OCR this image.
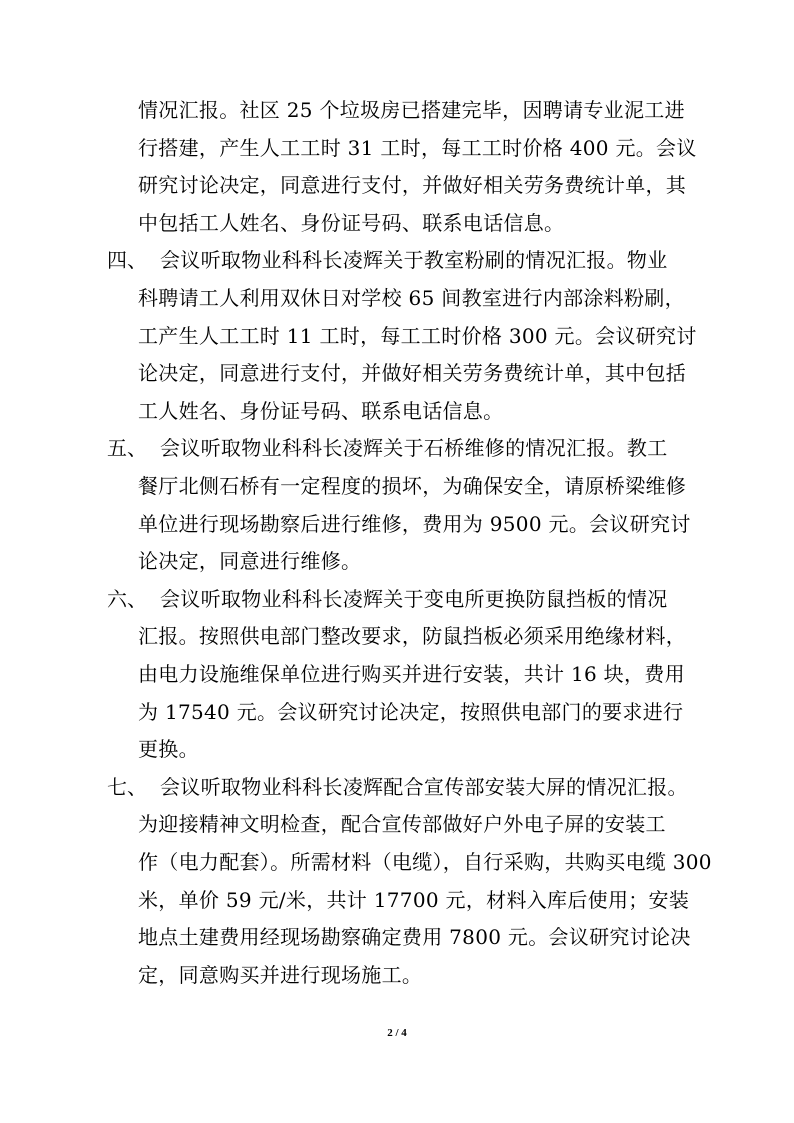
情况汇报。社区 25 个垃圾房已搭建完毕，因聘请专业泥工进
行搭建，产生人工工时 31 工时，每工工时价格 400 元。会议
研究讨论决定，同意进行支付，并做好相关劳务费统计单，其
中包括工人姓名、身份证号码、联系电话信息。
四、 会议听取物业科科长凌辉关于教室粉刷的情况汇报。物业
科聘请工人利用双休日对学校 65 间教室进行内部涂料粉刷，
工产生人工工时 11 工时，每工工时价格 300 元。会议研究讨
论决定，同意进行支付，并做好相关劳务费统计单，其中包括
工人姓名、身份证号码、联系电话信息。
五、 会议听取物业科科长凌辉关于石桥维修的情况汇报。教工
餐厅北侧石桥有一定程度的损坏，为确保安全，请原桥梁维修
单位进行现场勘察后进行维修，费用为 9500 元。会议研究讨
论决定，同意进行维修。
六、 会议听取物业科科长凌辉关于变电所更换防鼠挡板的情况
汇报。按照供电部门整改要求，防鼠挡板必须采用绝缘材料，
由电力设施维保单位进行购买并进行安装，共计 16 块，费用
为 17540 元。会议研究讨论决定，按照供电部门的要求进行
更换。
七、 会议听取物业科科长凌辉配合宣传部安装大屏的情况汇报。
为迎接精神文明检查，配合宣传部做好户外电子屏的安装工
作（电力配套）。所需材料（电缆），自行采购，共购买电缆 300
米，单价 59 元/米，共计 17700 元，材料入库后使用；安装
地点土建费用经现场勘察确定费用 7800 元。会议研究讨论决
定，同意购买并进行现场施工。
2 / 4
